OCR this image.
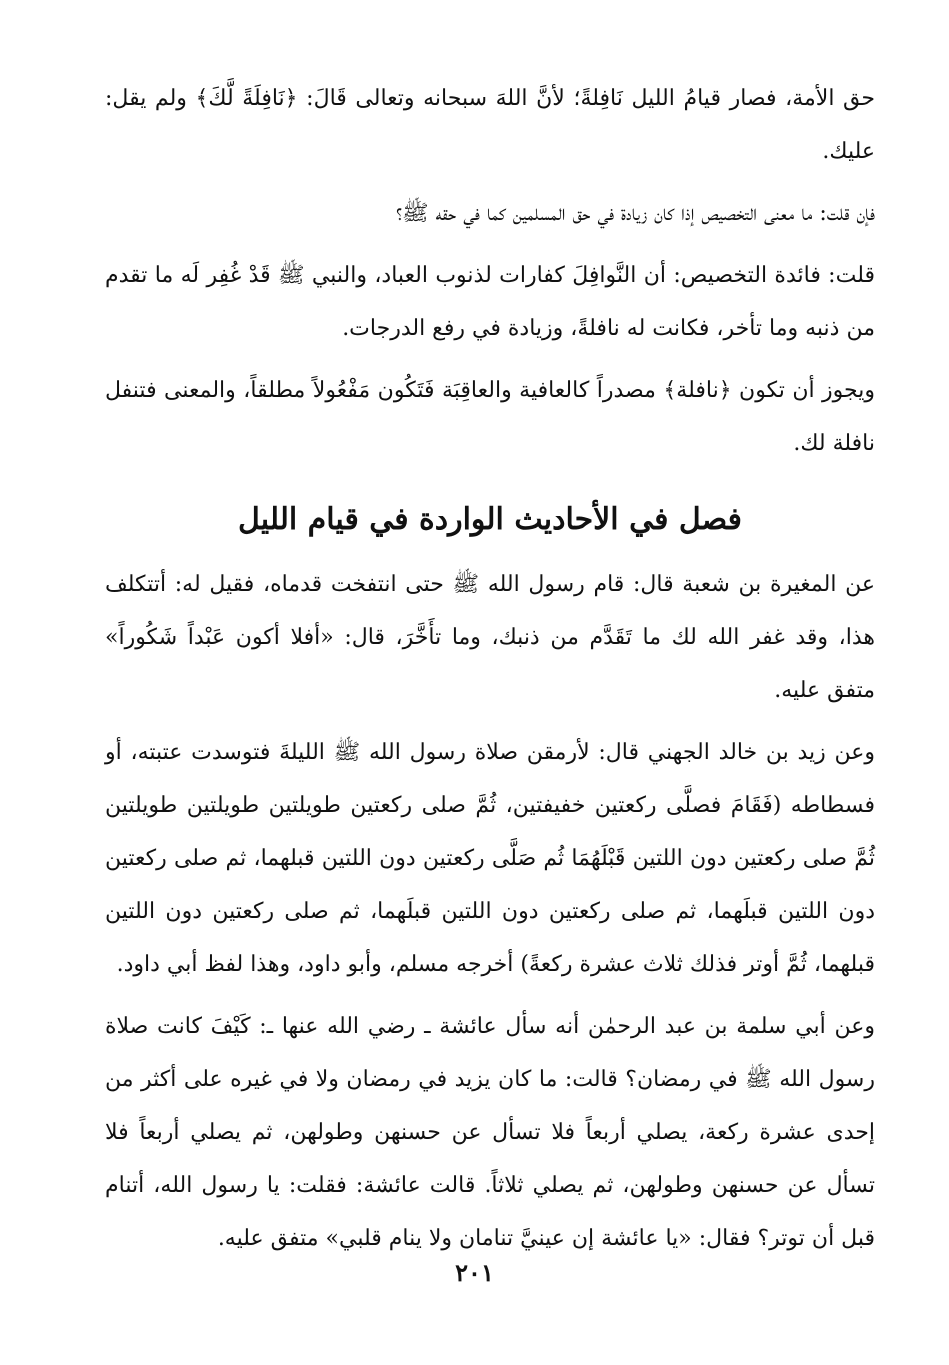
حق الأمة، فصار قيامُ الليل نَافِلةً؛ لأنَّ اللهَ سبحانه وتعالى قَالَ: ﴿نَافِلَةً لَّكَ﴾ ولم يقل: عليك.

فإن قلت: ما معنى التخصيص إذا كان زيادة في حق المسلمين كما في حقه ﷺ؟

قلت: فائدة التخصيص: أن النَّوافِلَ كفارات لذنوب العباد، والنبي ﷺ قَدْ غُفِر لَه ما تقدم من ذنبه وما تأخر، فكانت له نافلةً، وزيادة في رفع الدرجات.

ويجوز أن تكون ﴿نافلة﴾ مصدراً كالعافية والعاقِبَة فَتَكُون مَفْعُولاً مطلقاً، والمعنى فتنفل نافلة لك.

فصل في الأحاديث الواردة في قيام الليل

عن المغيرة بن شعبة قال: قام رسول الله ﷺ حتى انتفخت قدماه، فقيل له: أتتكلف هذا، وقد غفر الله لك ما تَقَدَّم من ذنبك، وما تأَخَّرَ، قال: «أفلا أكون عَبْداً شَكُوراً» متفق عليه.

وعن زيد بن خالد الجهني قال: لأرمقن صلاة رسول الله ﷺ الليلةَ فتوسدت عتبته، أو فسطاطه (فَقَامَ فصلَّى ركعتين خفيفتين، ثُمَّ صلى ركعتين طويلتين طويلتين طويلتين ثُمَّ صلى ركعتين دون اللتين قَبْلَهُمَا ثُم صَلَّى ركعتين دون اللتين قبلهما، ثم صلى ركعتين دون اللتين قبلَهما، ثم صلى ركعتين دون اللتين قبلَهما، ثم صلى ركعتين دون اللتين قبلهما، ثُمَّ أوتر فذلك ثلاث عشرة ركعةً) أخرجه مسلم، وأبو داود، وهذا لفظ أبي داود.

وعن أبي سلمة بن عبد الرحمٰن أنه سأل عائشة ـ رضي الله عنها ـ: كَيْفَ كانت صلاة رسول الله ﷺ في رمضان؟ قالت: ما كان يزيد في رمضان ولا في غيره على أكثر من إحدى عشرة ركعة، يصلي أربعاً فلا تسأل عن حسنهن وطولهن، ثم يصلي أربعاً فلا تسأل عن حسنهن وطولهن، ثم يصلي ثلاثاً. قالت عائشة: فقلت: يا رسول الله، أتنام قبل أن توتر؟ فقال: «يا عائشة إن عينيَّ تنامان ولا ينام قلبي» متفق عليه.

٢٠١
